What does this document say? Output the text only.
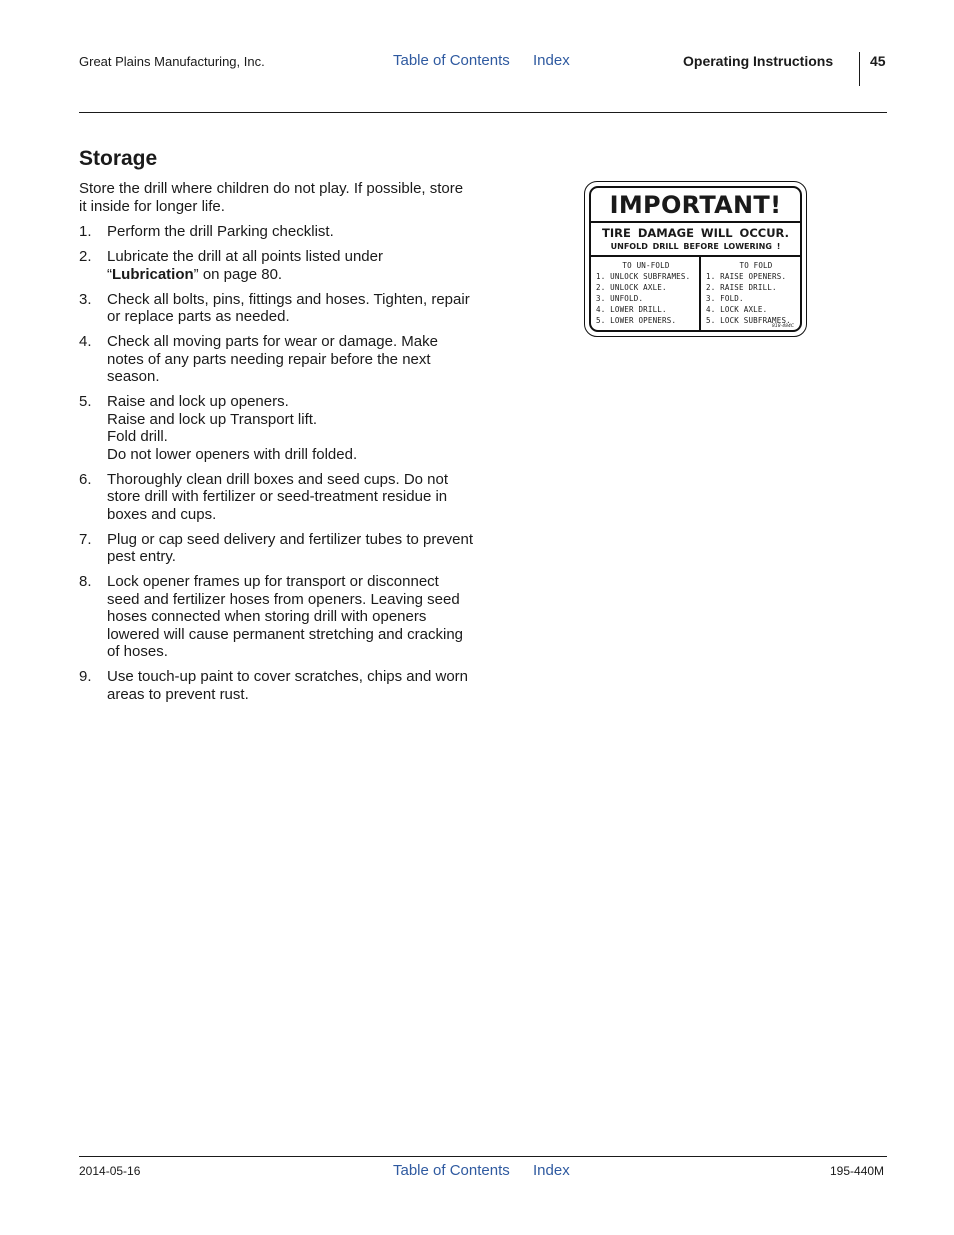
Great Plains Manufacturing, Inc.	Table of Contents Index	Operating Instructions	45
Storage
Store the drill where children do not play. If possible, store it inside for longer life.
1. Perform the drill Parking checklist.
2. Lubricate the drill at all points listed under “Lubrication” on page 80.
3. Check all bolts, pins, fittings and hoses. Tighten, repair or replace parts as needed.
4. Check all moving parts for wear or damage. Make notes of any parts needing repair before the next season.
5. Raise and lock up openers.
Raise and lock up Transport lift.
Fold drill.
Do not lower openers with drill folded.
6. Thoroughly clean drill boxes and seed cups. Do not store drill with fertilizer or seed-treatment residue in boxes and cups.
7. Plug or cap seed delivery and fertilizer tubes to prevent pest entry.
8. Lock opener frames up for transport or disconnect seed and fertilizer hoses from openers. Leaving seed hoses connected when storing drill with openers lowered will cause permanent stretching and cracking of hoses.
9. Use touch-up paint to cover scratches, chips and worn areas to prevent rust.
IMPORTANT!
TIRE DAMAGE WILL OCCUR.
UNFOLD DRILL BEFORE LOWERING !
TO UN-FOLD
1. UNLOCK SUBFRAMES.
2. UNLOCK AXLE.
3. UNFOLD.
4. LOWER DRILL.
5. LOWER OPENERS.
TO FOLD
1. RAISE OPENERS.
2. RAISE DRILL.
3. FOLD.
4. LOCK AXLE.
5. LOCK SUBFRAMES.
818-484C
2014-05-16	Table of Contents Index	195-440M
